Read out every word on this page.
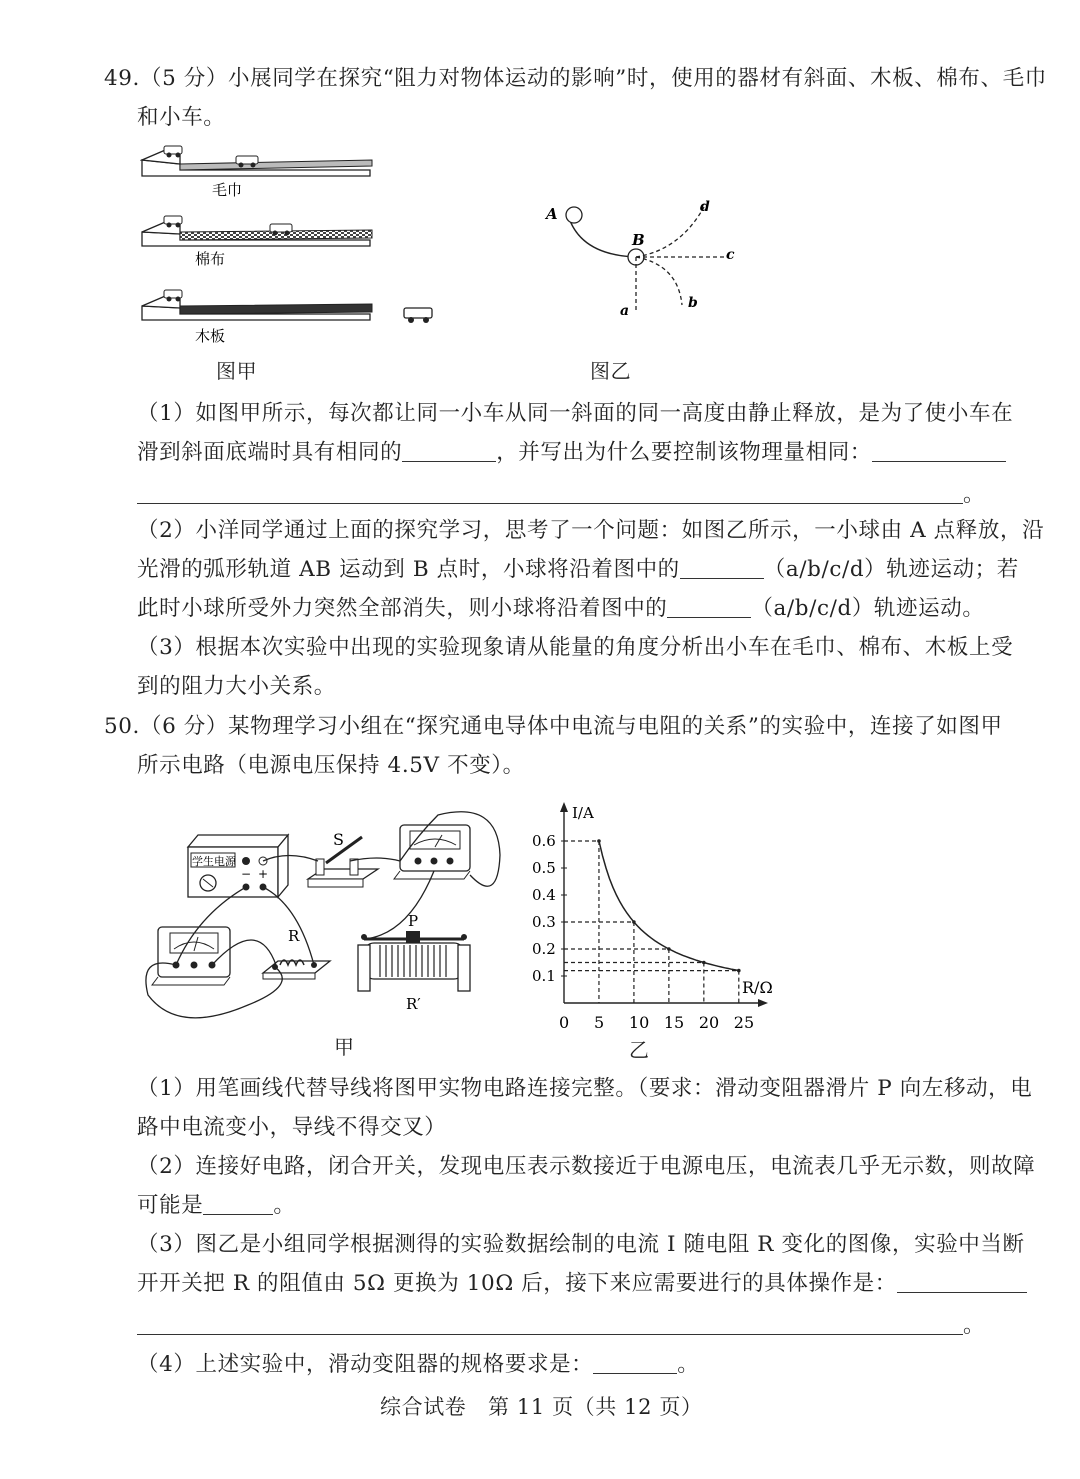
49.（5 分）小展同学在探究“阻力对物体运动的影响”时，使用的器材有斜面、木板、棉布、毛巾
和小车。
毛巾
棉布
木板
图甲
A
B
a	b
c
d
图乙
（1）如图甲所示，每次都让同一小车从同一斜面的同一高度由静止释放，是为了使小车在
滑到斜面底端时具有相同的	，并写出为什么要控制该物理量相同：
。
（2）小洋同学通过上面的探究学习，思考了一个问题：如图乙所示，一小球由 A 点释放，沿
光滑的弧形轨道 AB 运动到 B 点时，小球将沿着图中的	（a/b/c/d）轨迹运动；若
此时小球所受外力突然全部消失，则小球将沿着图中的	（a/b/c/d）轨迹运动。
（3）根据本次实验中出现的实验现象请从能量的角度分析出小车在毛巾、棉布、木板上受
到的阻力大小关系。
50.（6 分）某物理学习小组在“探究通电导体中电流与电阻的关系”的实验中，连接了如图甲
所示电路（电源电压保持 4.5V 不变）。
− +
学生电源
S
R
P
R′
甲
I/A
R/Ω
0 5 10 15 20 25
0.1
0.2
0.3
0.4
0.5
0.6
乙
（1）用笔画线代替导线将图甲实物电路连接完整。（要求：滑动变阻器滑片 P 向左移动，电
路中电流变小，导线不得交叉）
（2）连接好电路，闭合开关，发现电压表示数接近于电源电压，电流表几乎无示数，则故障
可能是	。
（3）图乙是小组同学根据测得的实验数据绘制的电流 I 随电阻 R 变化的图像，实验中当断
开开关把 R 的阻值由 5Ω 更换为 10Ω 后，接下来应需要进行的具体操作是：
。
（4）上述实验中，滑动变阻器的规格要求是：	。
综合试卷　第 11 页（共 12 页）
